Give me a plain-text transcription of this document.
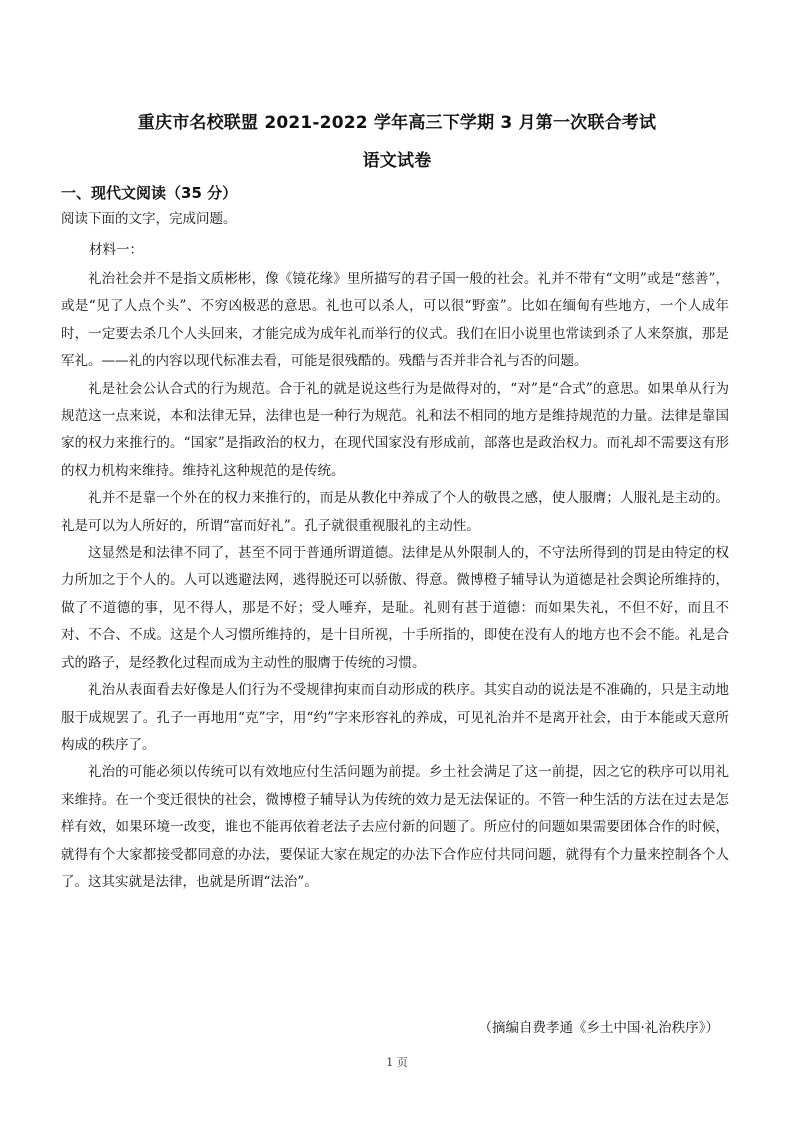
重庆市名校联盟 2021-2022 学年高三下学期 3 月第一次联合考试
语文试卷
一、现代文阅读（35 分）
阅读下面的文字，完成问题。
材料一：

礼治社会并不是指文质彬彬，像《镜花缘》里所描写的君子国一般的社会。礼并不带有“文明”或是“慈善”，或是“见了人点个头”、不穷凶极恶的意思。礼也可以杀人，可以很“野蛮”。比如在缅甸有些地方，一个人成年时，一定要去杀几个人头回来，才能完成为成年礼而举行的仪式。我们在旧小说里也常读到杀了人来祭旗，那是军礼。——礼的内容以现代标准去看，可能是很残酷的。残酷与否并非合礼与否的问题。

礼是社会公认合式的行为规范。合于礼的就是说这些行为是做得对的，“对”是“合式”的意思。如果单从行为规范这一点来说，本和法律无异，法律也是一种行为规范。礼和法不相同的地方是维持规范的力量。法律是靠国家的权力来推行的。“国家”是指政治的权力，在现代国家没有形成前，部落也是政治权力。而礼却不需要这有形的权力机构来维持。维持礼这种规范的是传统。

礼并不是靠一个外在的权力来推行的，而是从教化中养成了个人的敬畏之感，使人服膺；人服礼是主动的。礼是可以为人所好的，所谓“富而好礼”。孔子就很重视服礼的主动性。

这显然是和法律不同了，甚至不同于普通所谓道德。法律是从外限制人的，不守法所得到的罚是由特定的权力所加之于个人的。人可以逃避法网，逃得脱还可以骄傲、得意。微博橙子辅导认为道德是社会舆论所维持的，做了不道德的事，见不得人，那是不好；受人唾弃，是耻。礼则有甚于道德：而如果失礼，不但不好，而且不对、不合、不成。这是个人习惯所维持的，是十目所视，十手所指的，即使在没有人的地方也不会不能。礼是合式的路子，是经教化过程而成为主动性的服膺于传统的习惯。

礼治从表面看去好像是人们行为不受规律拘束而自动形成的秩序。其实自动的说法是不准确的，只是主动地服于成规罢了。孔子一再地用“克”字，用“约”字来形容礼的养成，可见礼治并不是离开社会，由于本能或天意所构成的秩序了。

礼治的可能必须以传统可以有效地应付生活问题为前提。乡土社会满足了这一前提，因之它的秩序可以用礼来维持。在一个变迁很快的社会，微博橙子辅导认为传统的效力是无法保证的。不管一种生活的方法在过去是怎样有效，如果环境一改变，谁也不能再依着老法子去应付新的问题了。所应付的问题如果需要团体合作的时候，就得有个大家都接受都同意的办法，要保证大家在规定的办法下合作应付共同问题，就得有个力量来控制各个人了。这其实就是法律，也就是所谓“法治”。

（摘编自费孝通《乡土中国·礼治秩序》）
1 页
